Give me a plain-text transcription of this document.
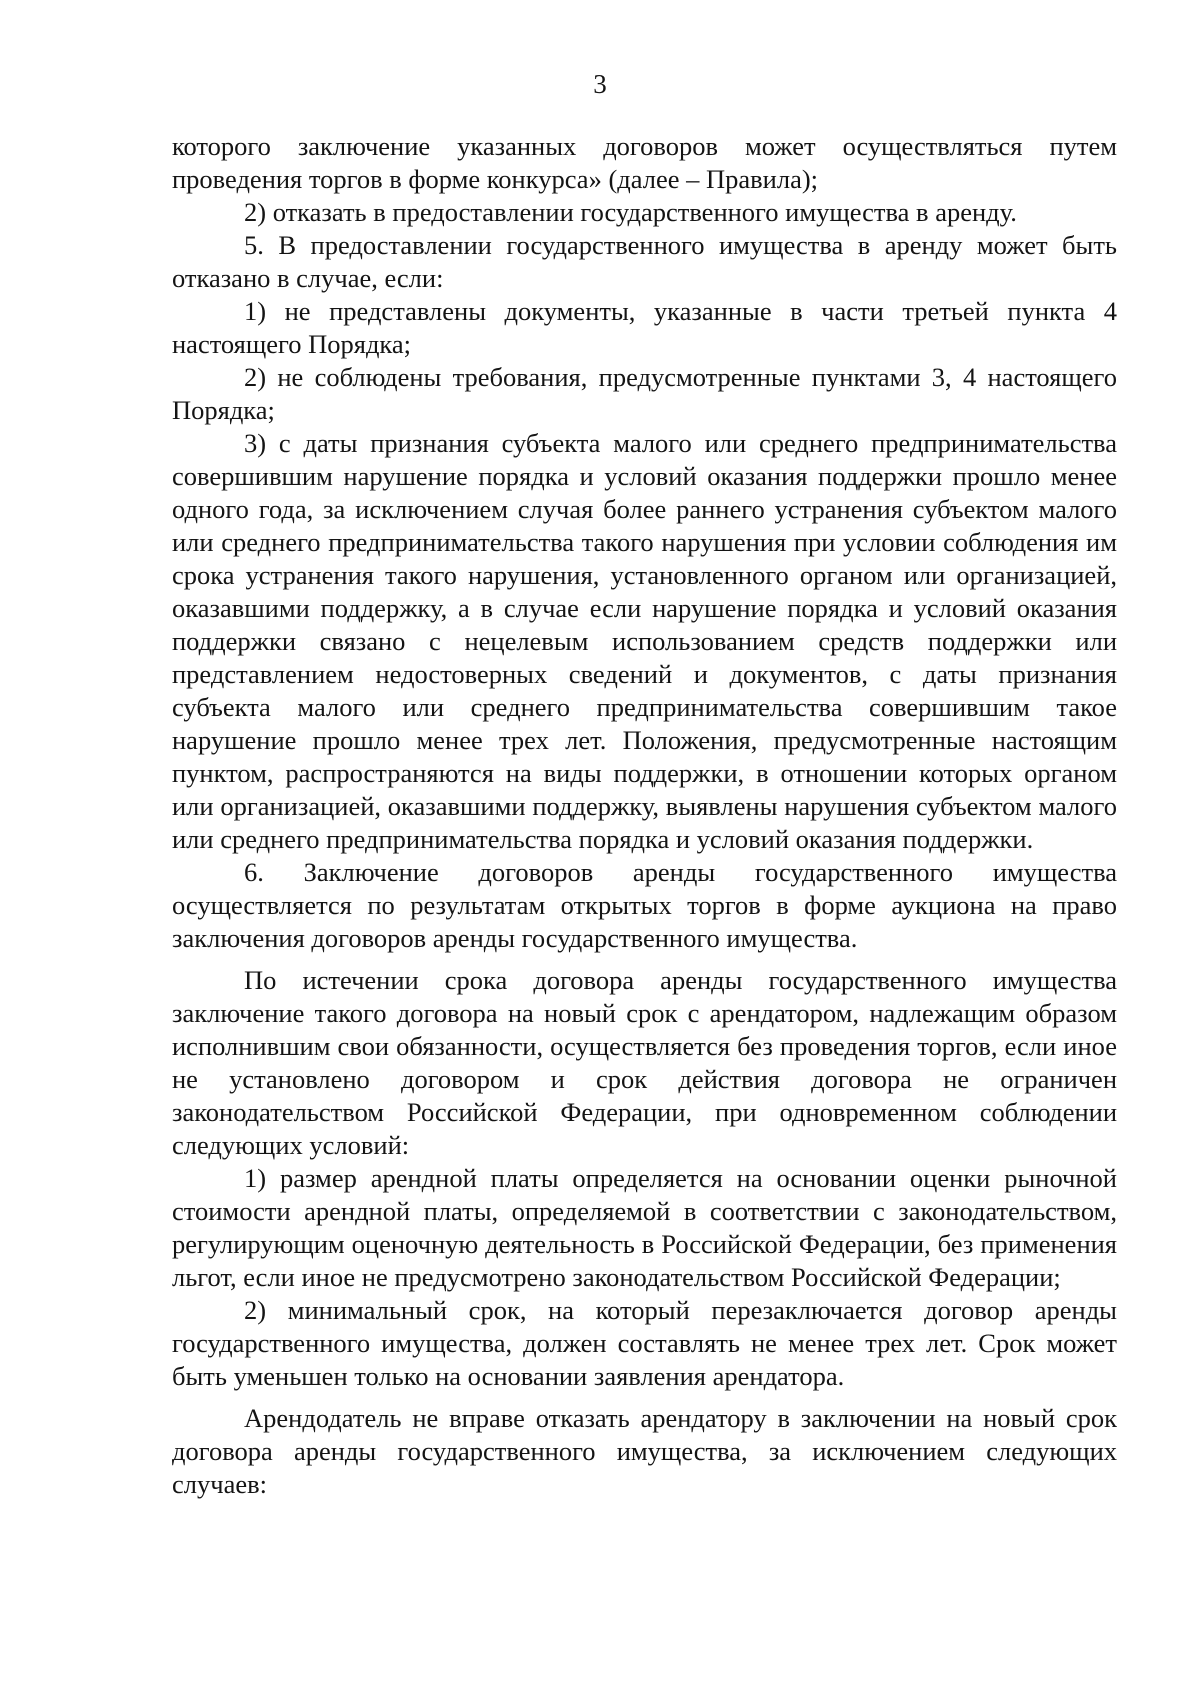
3

которого заключение указанных договоров может осуществляться путем проведения торгов в форме конкурса» (далее – Правила);

2) отказать в предоставлении государственного имущества в аренду.

5. В предоставлении государственного имущества в аренду может быть отказано в случае, если:

1) не представлены документы, указанные в части третьей пункта 4 настоящего Порядка;

2) не соблюдены требования, предусмотренные пунктами 3, 4 настоящего Порядка;

3) с даты признания субъекта малого или среднего предпринимательства совершившим нарушение порядка и условий оказания поддержки прошло менее одного года, за исключением случая более раннего устранения субъектом малого или среднего предпринимательства такого нарушения при условии соблюдения им срока устранения такого нарушения, установленного органом или организацией, оказавшими поддержку, а в случае если нарушение порядка и условий оказания поддержки связано с нецелевым использованием средств поддержки или представлением недостоверных сведений и документов, с даты признания субъекта малого или среднего предпринимательства совершившим такое нарушение прошло менее трех лет. Положения, предусмотренные настоящим пунктом, распространяются на виды поддержки, в отношении которых органом или организацией, оказавшими поддержку, выявлены нарушения субъектом малого или среднего предпринимательства порядка и условий оказания поддержки.

6. Заключение договоров аренды государственного имущества осуществляется по результатам открытых торгов в форме аукциона на право заключения договоров аренды государственного имущества.

По истечении срока договора аренды государственного имущества заключение такого договора на новый срок с арендатором, надлежащим образом исполнившим свои обязанности, осуществляется без проведения торгов, если иное не установлено договором и срок действия договора не ограничен законодательством Российской Федерации, при одновременном соблюдении следующих условий:

1) размер арендной платы определяется на основании оценки рыночной стоимости арендной платы, определяемой в соответствии с законодательством, регулирующим оценочную деятельность в Российской Федерации, без применения льгот, если иное не предусмотрено законодательством Российской Федерации;

2) минимальный срок, на который перезаключается договор аренды государственного имущества, должен составлять не менее трех лет. Срок может быть уменьшен только на основании заявления арендатора.

Арендодатель не вправе отказать арендатору в заключении на новый срок договора аренды государственного имущества, за исключением следующих случаев:
